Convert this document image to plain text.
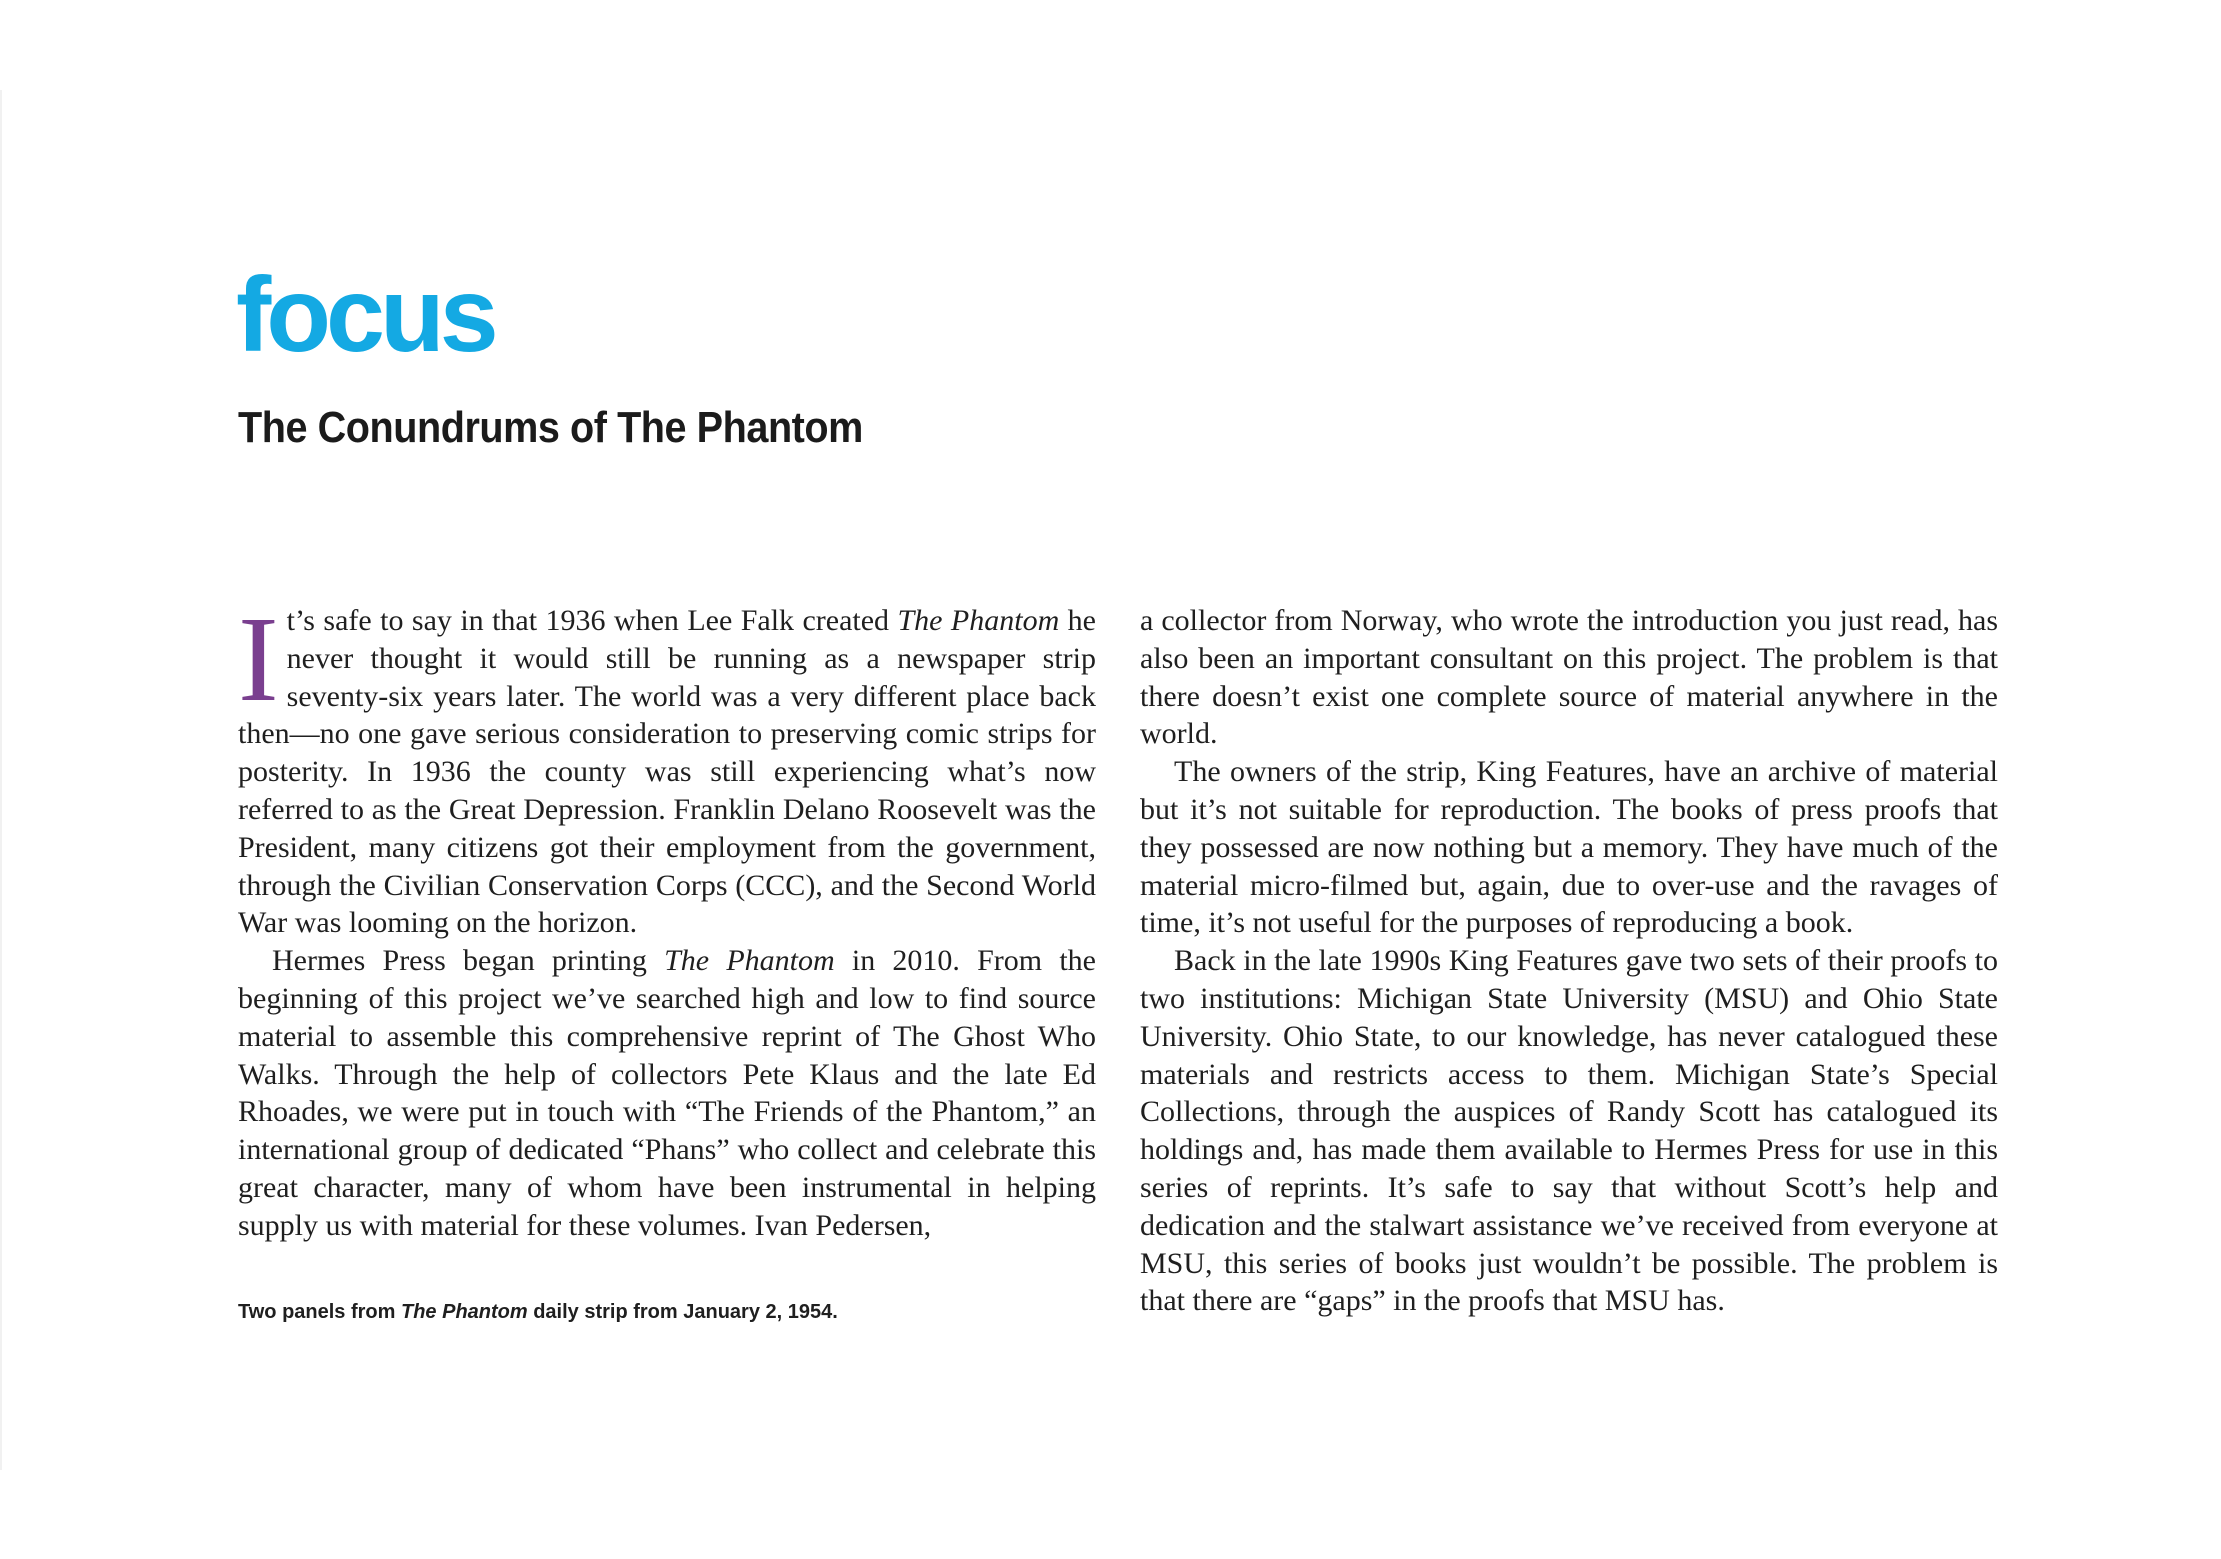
focus
The Conundrums of The Phantom

It’s safe to say in that 1936 when Lee Falk created The Phantom he never thought it would still be running as a newspaper strip seventy-six years later. The world was a very different place back then—no one gave serious consideration to preserving comic strips for posterity. In 1936 the county was still experiencing what’s now referred to as the Great Depression. Franklin Delano Roosevelt was the President, many citizens got their employment from the government, through the Civilian Conservation Corps (CCC), and the Second World War was looming on the horizon.

Hermes Press began printing The Phantom in 2010. From the beginning of this project we’ve searched high and low to find source material to assemble this comprehensive reprint of The Ghost Who Walks. Through the help of collectors Pete Klaus and the late Ed Rhoades, we were put in touch with “The Friends of the Phantom,” an international group of dedicated “Phans” who collect and celebrate this great character, many of whom have been instrumental in helping supply us with material for these volumes. Ivan Pedersen,

Two panels from The Phantom daily strip from January 2, 1954.

a collector from Norway, who wrote the introduction you just read, has also been an important consultant on this project. The problem is that there doesn’t exist one complete source of material anywhere in the world.

The owners of the strip, King Features, have an archive of material but it’s not suitable for reproduction. The books of press proofs that they possessed are now nothing but a memory. They have much of the material micro-filmed but, again, due to over-use and the ravages of time, it’s not useful for the purposes of reproducing a book.

Back in the late 1990s King Features gave two sets of their proofs to two institutions: Michigan State University (MSU) and Ohio State University. Ohio State, to our knowledge, has never catalogued these materials and restricts access to them. Michigan State’s Special Collections, through the auspices of Randy Scott has catalogued its holdings and, has made them available to Hermes Press for use in this series of reprints. It’s safe to say that without Scott’s help and dedication and the stalwart assistance we’ve received from everyone at MSU, this series of books just wouldn’t be possible. The problem is that there are “gaps” in the proofs that MSU has.
